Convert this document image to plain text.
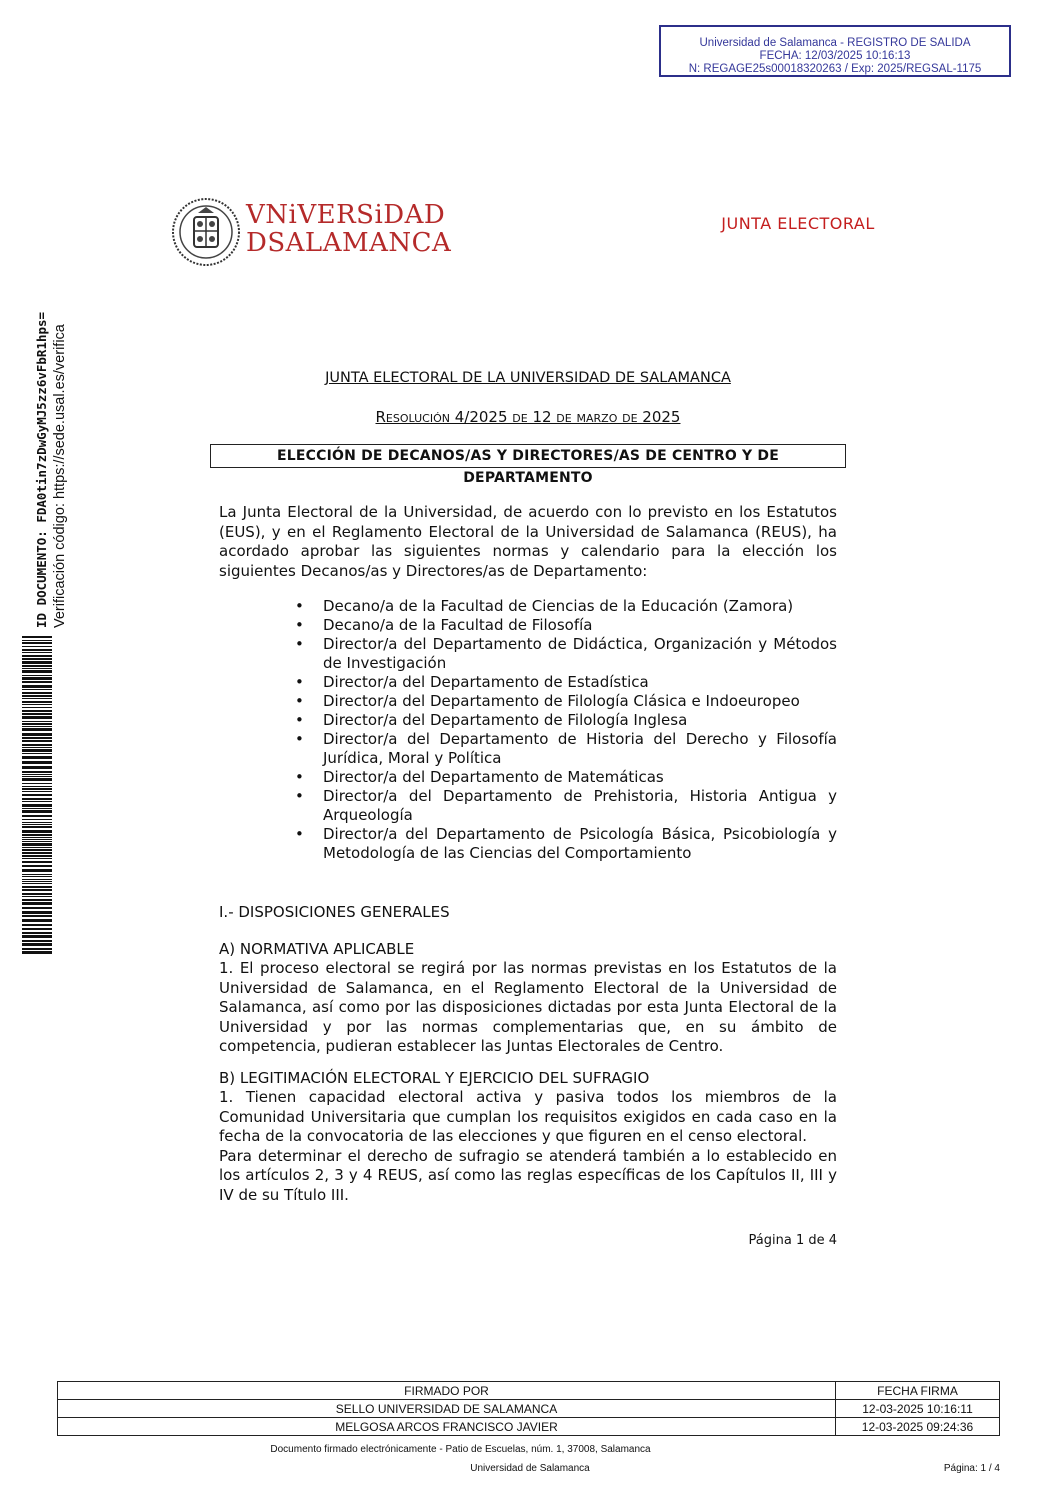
Universidad de Salamanca - REGISTRO DE SALIDA
FECHA: 12/03/2025 10:16:13
N: REGAGE25s00018320263 / Exp: 2025/REGSAL-1175
ID DOCUMENTO: FDA0tin7zDwGyMJ5zz6vFbR1hps= Verificación código: https://sede.usal.es/verifica
VNiVERSiDAD
DSALAMANCA
JUNTA ELECTORAL
JUNTA ELECTORAL DE LA UNIVERSIDAD DE SALAMANCA
Resolución 4/2025 de 12 de marzo de 2025
ELECCIÓN DE DECANOS/AS Y DIRECTORES/AS DE CENTRO Y DE DEPARTAMENTO
La Junta Electoral de la Universidad, de acuerdo con lo previsto en los Estatutos (EUS), y en el Reglamento Electoral de la Universidad de Salamanca (REUS), ha acordado aprobar las siguientes normas y calendario para la elección los siguientes Decanos/as y Directores/as de Departamento:
• Decano/a de la Facultad de Ciencias de la Educación (Zamora)
• Decano/a de la Facultad de Filosofía
• Director/a del Departamento de Didáctica, Organización y Métodos de Investigación
• Director/a del Departamento de Estadística
• Director/a del Departamento de Filología Clásica e Indoeuropeo
• Director/a del Departamento de Filología Inglesa
• Director/a del Departamento de Historia del Derecho y Filosofía Jurídica, Moral y Política
• Director/a del Departamento de Matemáticas
• Director/a del Departamento de Prehistoria, Historia Antigua y Arqueología
• Director/a del Departamento de Psicología Básica, Psicobiología y Metodología de las Ciencias del Comportamiento
I.- DISPOSICIONES GENERALES
A) NORMATIVA APLICABLE
1. El proceso electoral se regirá por las normas previstas en los Estatutos de la Universidad de Salamanca, en el Reglamento Electoral de la Universidad de Salamanca, así como por las disposiciones dictadas por esta Junta Electoral de la Universidad y por las normas complementarias que, en su ámbito de competencia, pudieran establecer las Juntas Electorales de Centro.
B) LEGITIMACIÓN ELECTORAL Y EJERCICIO DEL SUFRAGIO
1. Tienen capacidad electoral activa y pasiva todos los miembros de la Comunidad Universitaria que cumplan los requisitos exigidos en cada caso en la fecha de la convocatoria de las elecciones y que figuren en el censo electoral.
Para determinar el derecho de sufragio se atenderá también a lo establecido en los artículos 2, 3 y 4 REUS, así como las reglas específicas de los Capítulos II, III y IV de su Título III.
Página 1 de 4
FIRMADO POR	FECHA FIRMA
SELLO UNIVERSIDAD DE SALAMANCA	12-03-2025 10:16:11
MELGOSA ARCOS FRANCISCO JAVIER	12-03-2025 09:24:36
Documento firmado electrónicamente - Patio de Escuelas, núm. 1, 37008, Salamanca
Universidad de Salamanca	Página: 1 / 4
